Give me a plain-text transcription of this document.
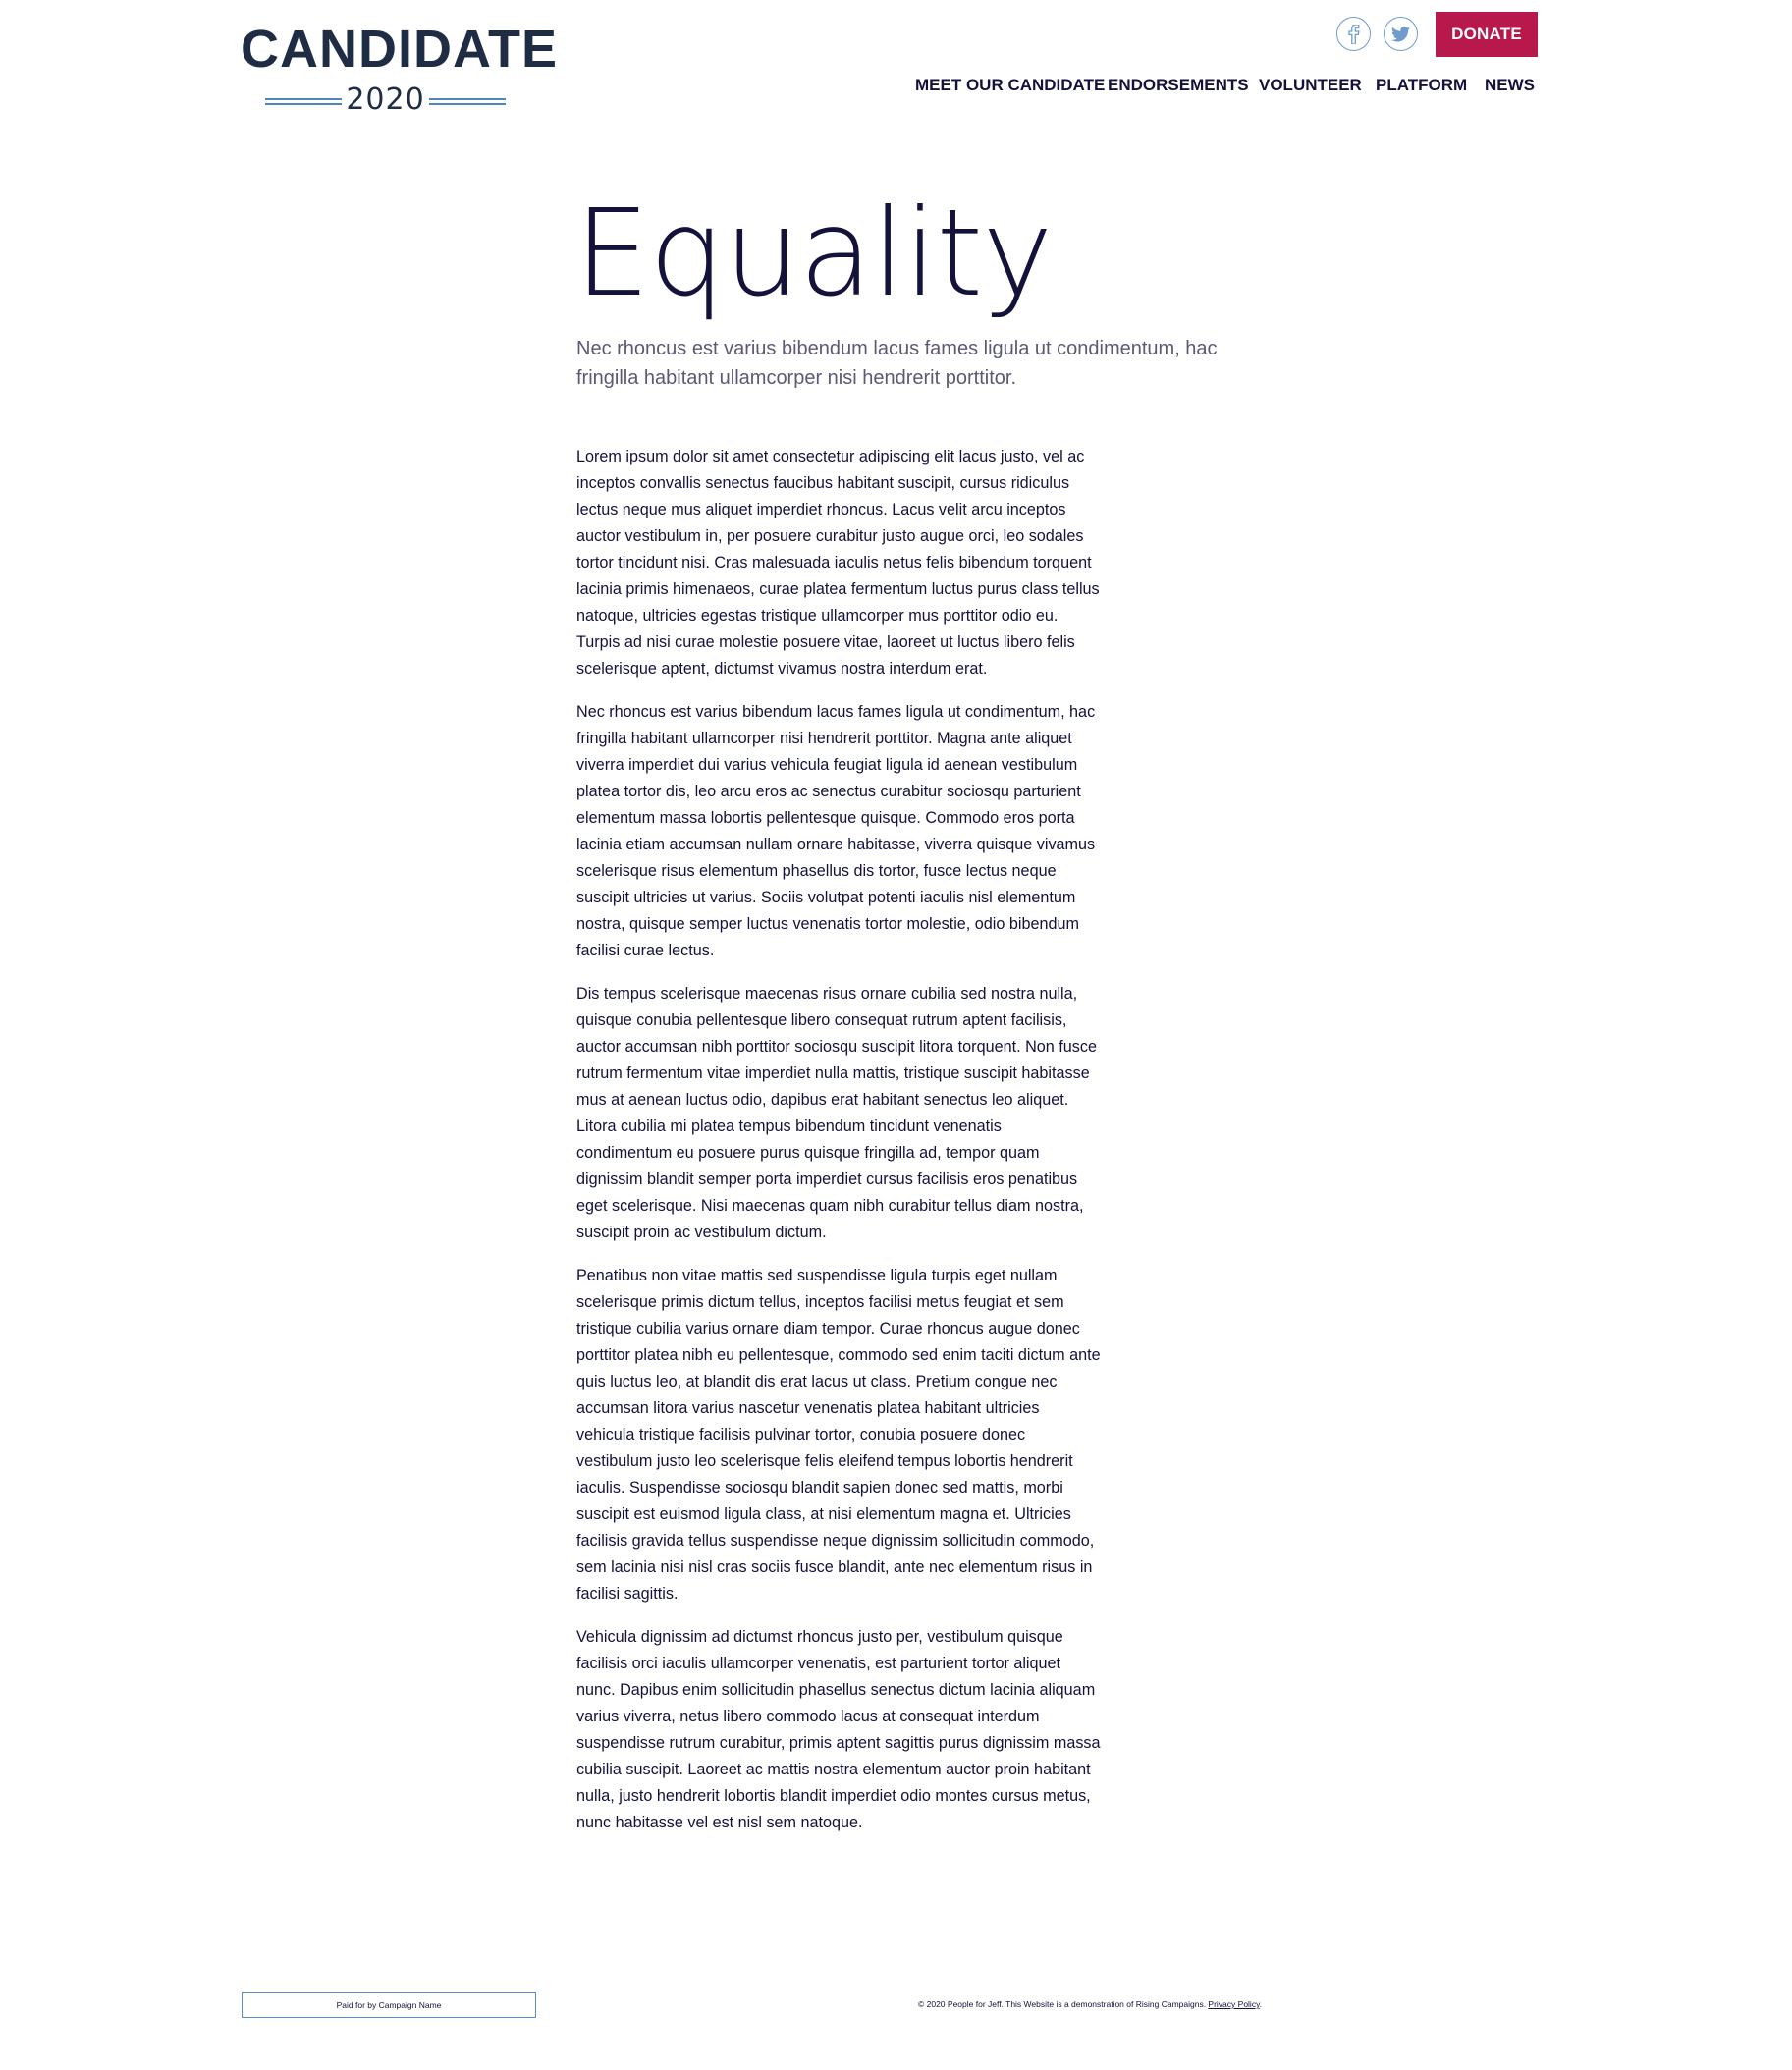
CANDIDATE
2020
DONATE
MEET OUR CANDIDATE ENDORSEMENTS VOLUNTEER PLATFORM NEWS
Equality
Nec rhoncus est varius bibendum lacus fames ligula ut condimentum, hac fringilla habitant ullamcorper nisi hendrerit porttitor.

Lorem ipsum dolor sit amet consectetur adipiscing elit lacus justo, vel ac inceptos convallis senectus faucibus habitant suscipit, cursus ridiculus lectus neque mus aliquet imperdiet rhoncus. Lacus velit arcu inceptos auctor vestibulum in, per posuere curabitur justo augue orci, leo sodales tortor tincidunt nisi. Cras malesuada iaculis netus felis bibendum torquent lacinia primis himenaeos, curae platea fermentum luctus purus class tellus natoque, ultricies egestas tristique ullamcorper mus porttitor odio eu. Turpis ad nisi curae molestie posuere vitae, laoreet ut luctus libero felis scelerisque aptent, dictumst vivamus nostra interdum erat.

Nec rhoncus est varius bibendum lacus fames ligula ut condimentum, hac fringilla habitant ullamcorper nisi hendrerit porttitor. Magna ante aliquet viverra imperdiet dui varius vehicula feugiat ligula id aenean vestibulum platea tortor dis, leo arcu eros ac senectus curabitur sociosqu parturient elementum massa lobortis pellentesque quisque. Commodo eros porta lacinia etiam accumsan nullam ornare habitasse, viverra quisque vivamus scelerisque risus elementum phasellus dis tortor, fusce lectus neque suscipit ultricies ut varius. Sociis volutpat potenti iaculis nisl elementum nostra, quisque semper luctus venenatis tortor molestie, odio bibendum facilisi curae lectus.

Dis tempus scelerisque maecenas risus ornare cubilia sed nostra nulla, quisque conubia pellentesque libero consequat rutrum aptent facilisis, auctor accumsan nibh porttitor sociosqu suscipit litora torquent. Non fusce rutrum fermentum vitae imperdiet nulla mattis, tristique suscipit habitasse mus at aenean luctus odio, dapibus erat habitant senectus leo aliquet. Litora cubilia mi platea tempus bibendum tincidunt venenatis condimentum eu posuere purus quisque fringilla ad, tempor quam dignissim blandit semper porta imperdiet cursus facilisis eros penatibus eget scelerisque. Nisi maecenas quam nibh curabitur tellus diam nostra, suscipit proin ac vestibulum dictum.

Penatibus non vitae mattis sed suspendisse ligula turpis eget nullam scelerisque primis dictum tellus, inceptos facilisi metus feugiat et sem tristique cubilia varius ornare diam tempor. Curae rhoncus augue donec porttitor platea nibh eu pellentesque, commodo sed enim taciti dictum ante quis luctus leo, at blandit dis erat lacus ut class. Pretium congue nec accumsan litora varius nascetur venenatis platea habitant ultricies vehicula tristique facilisis pulvinar tortor, conubia posuere donec vestibulum justo leo scelerisque felis eleifend tempus lobortis hendrerit iaculis. Suspendisse sociosqu blandit sapien donec sed mattis, morbi suscipit est euismod ligula class, at nisi elementum magna et. Ultricies facilisis gravida tellus suspendisse neque dignissim sollicitudin commodo, sem lacinia nisi nisl cras sociis fusce blandit, ante nec elementum risus in facilisi sagittis.

Vehicula dignissim ad dictumst rhoncus justo per, vestibulum quisque facilisis orci iaculis ullamcorper venenatis, est parturient tortor aliquet nunc. Dapibus enim sollicitudin phasellus senectus dictum lacinia aliquam varius viverra, netus libero commodo lacus at consequat interdum suspendisse rutrum curabitur, primis aptent sagittis purus dignissim massa cubilia suscipit. Laoreet ac mattis nostra elementum auctor proin habitant nulla, justo hendrerit lobortis blandit imperdiet odio montes cursus metus, nunc habitasse vel est nisl sem natoque.

Paid for by Campaign Name	© 2020 People for Jeff. This Website is a demonstration of Rising Campaigns. Privacy Policy.
